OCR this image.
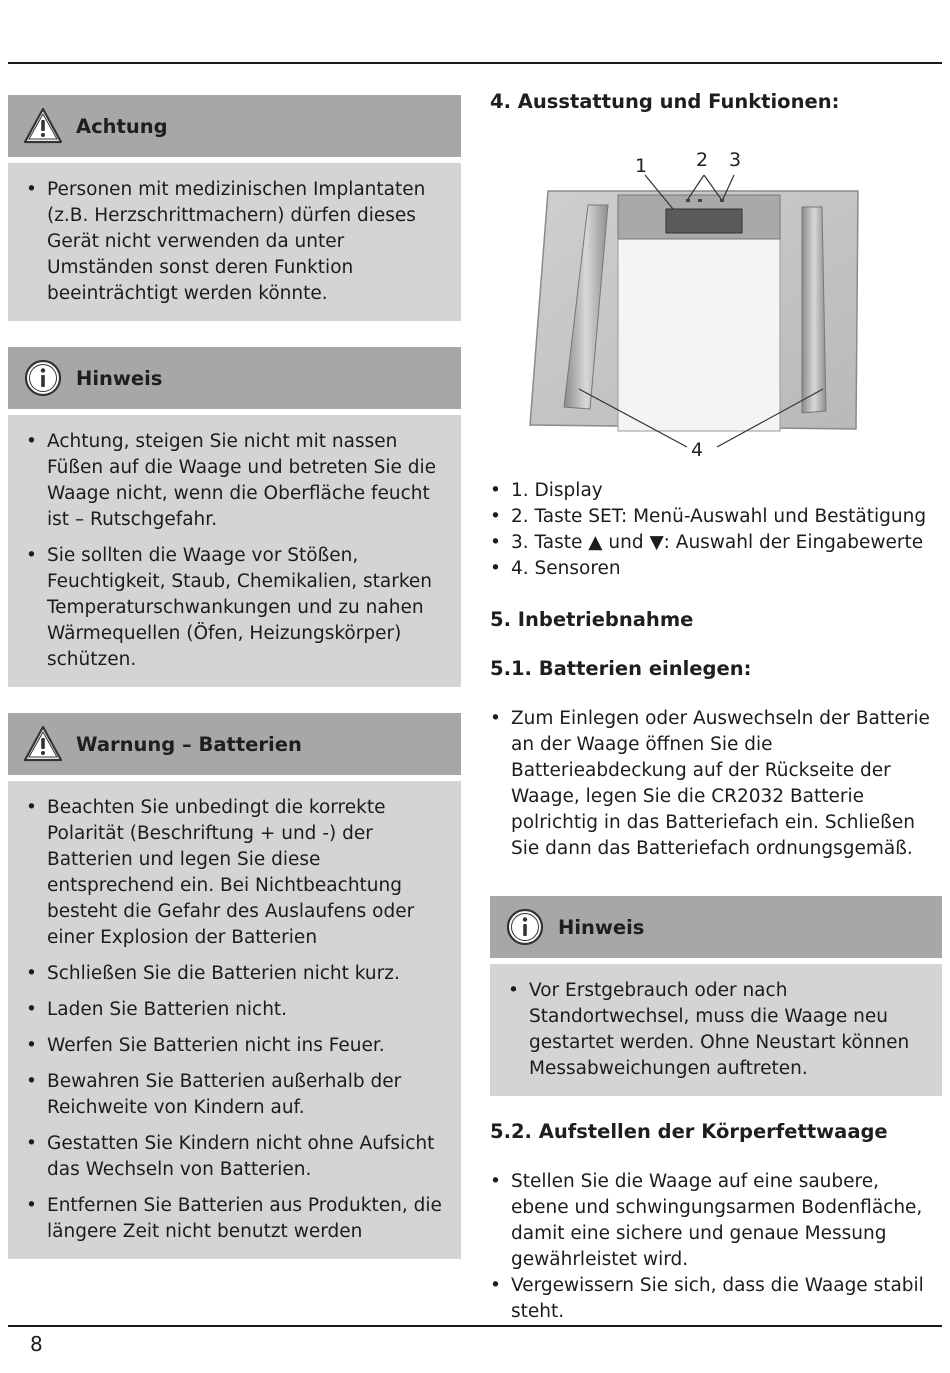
Achtung
• Personen mit medizinischen Implantaten (z.B. Herzschrittmachern) dürfen dieses Gerät nicht verwenden da unter Umständen sonst deren Funktion beeinträchtigt werden könnte.
Hinweis
• Achtung, steigen Sie nicht mit nassen Füßen auf die Waage und betreten Sie die Waage nicht, wenn die Oberfläche feucht ist – Rutschgefahr.
• Sie sollten die Waage vor Stößen, Feuchtigkeit, Staub, Chemikalien, starken Temperaturschwankungen und zu nahen Wärmequellen (Öfen, Heizungskörper) schützen.
Warnung – Batterien
• Beachten Sie unbedingt die korrekte Polarität (Beschriftung + und -) der Batterien und legen Sie diese entsprechend ein. Bei Nichtbeachtung besteht die Gefahr des Auslaufens oder einer Explosion der Batterien
• Schließen Sie die Batterien nicht kurz.
• Laden Sie Batterien nicht.
• Werfen Sie Batterien nicht ins Feuer.
• Bewahren Sie Batterien außerhalb der Reichweite von Kindern auf.
• Gestatten Sie Kindern nicht ohne Aufsicht das Wechseln von Batterien.
• Entfernen Sie Batterien aus Produkten, die längere Zeit nicht benutzt werden
4. Ausstattung und Funktionen:
1	2 3
4
• 1. Display
• 2. Taste SET: Menü-Auswahl und Bestätigung
• 3. Taste ▲ und ▼: Auswahl der Eingabewerte
• 4. Sensoren
5. Inbetriebnahme
5.1. Batterien einlegen:
• Zum Einlegen oder Auswechseln der Batterie an der Waage öffnen Sie die Batterieabdeckung auf der Rückseite der Waage, legen Sie die CR2032 Batterie polrichtig in das Batteriefach ein. Schließen Sie dann das Batteriefach ordnungsgemäß.
Hinweis
• Vor Erstgebrauch oder nach Standortwechsel, muss die Waage neu gestartet werden. Ohne Neustart können Messabweichungen auftreten.
5.2. Aufstellen der Körperfettwaage
• Stellen Sie die Waage auf eine saubere, ebene und schwingungsarmen Bodenfläche, damit eine sichere und genaue Messung gewährleistet wird.
• Vergewissern Sie sich, dass die Waage stabil steht.
8
